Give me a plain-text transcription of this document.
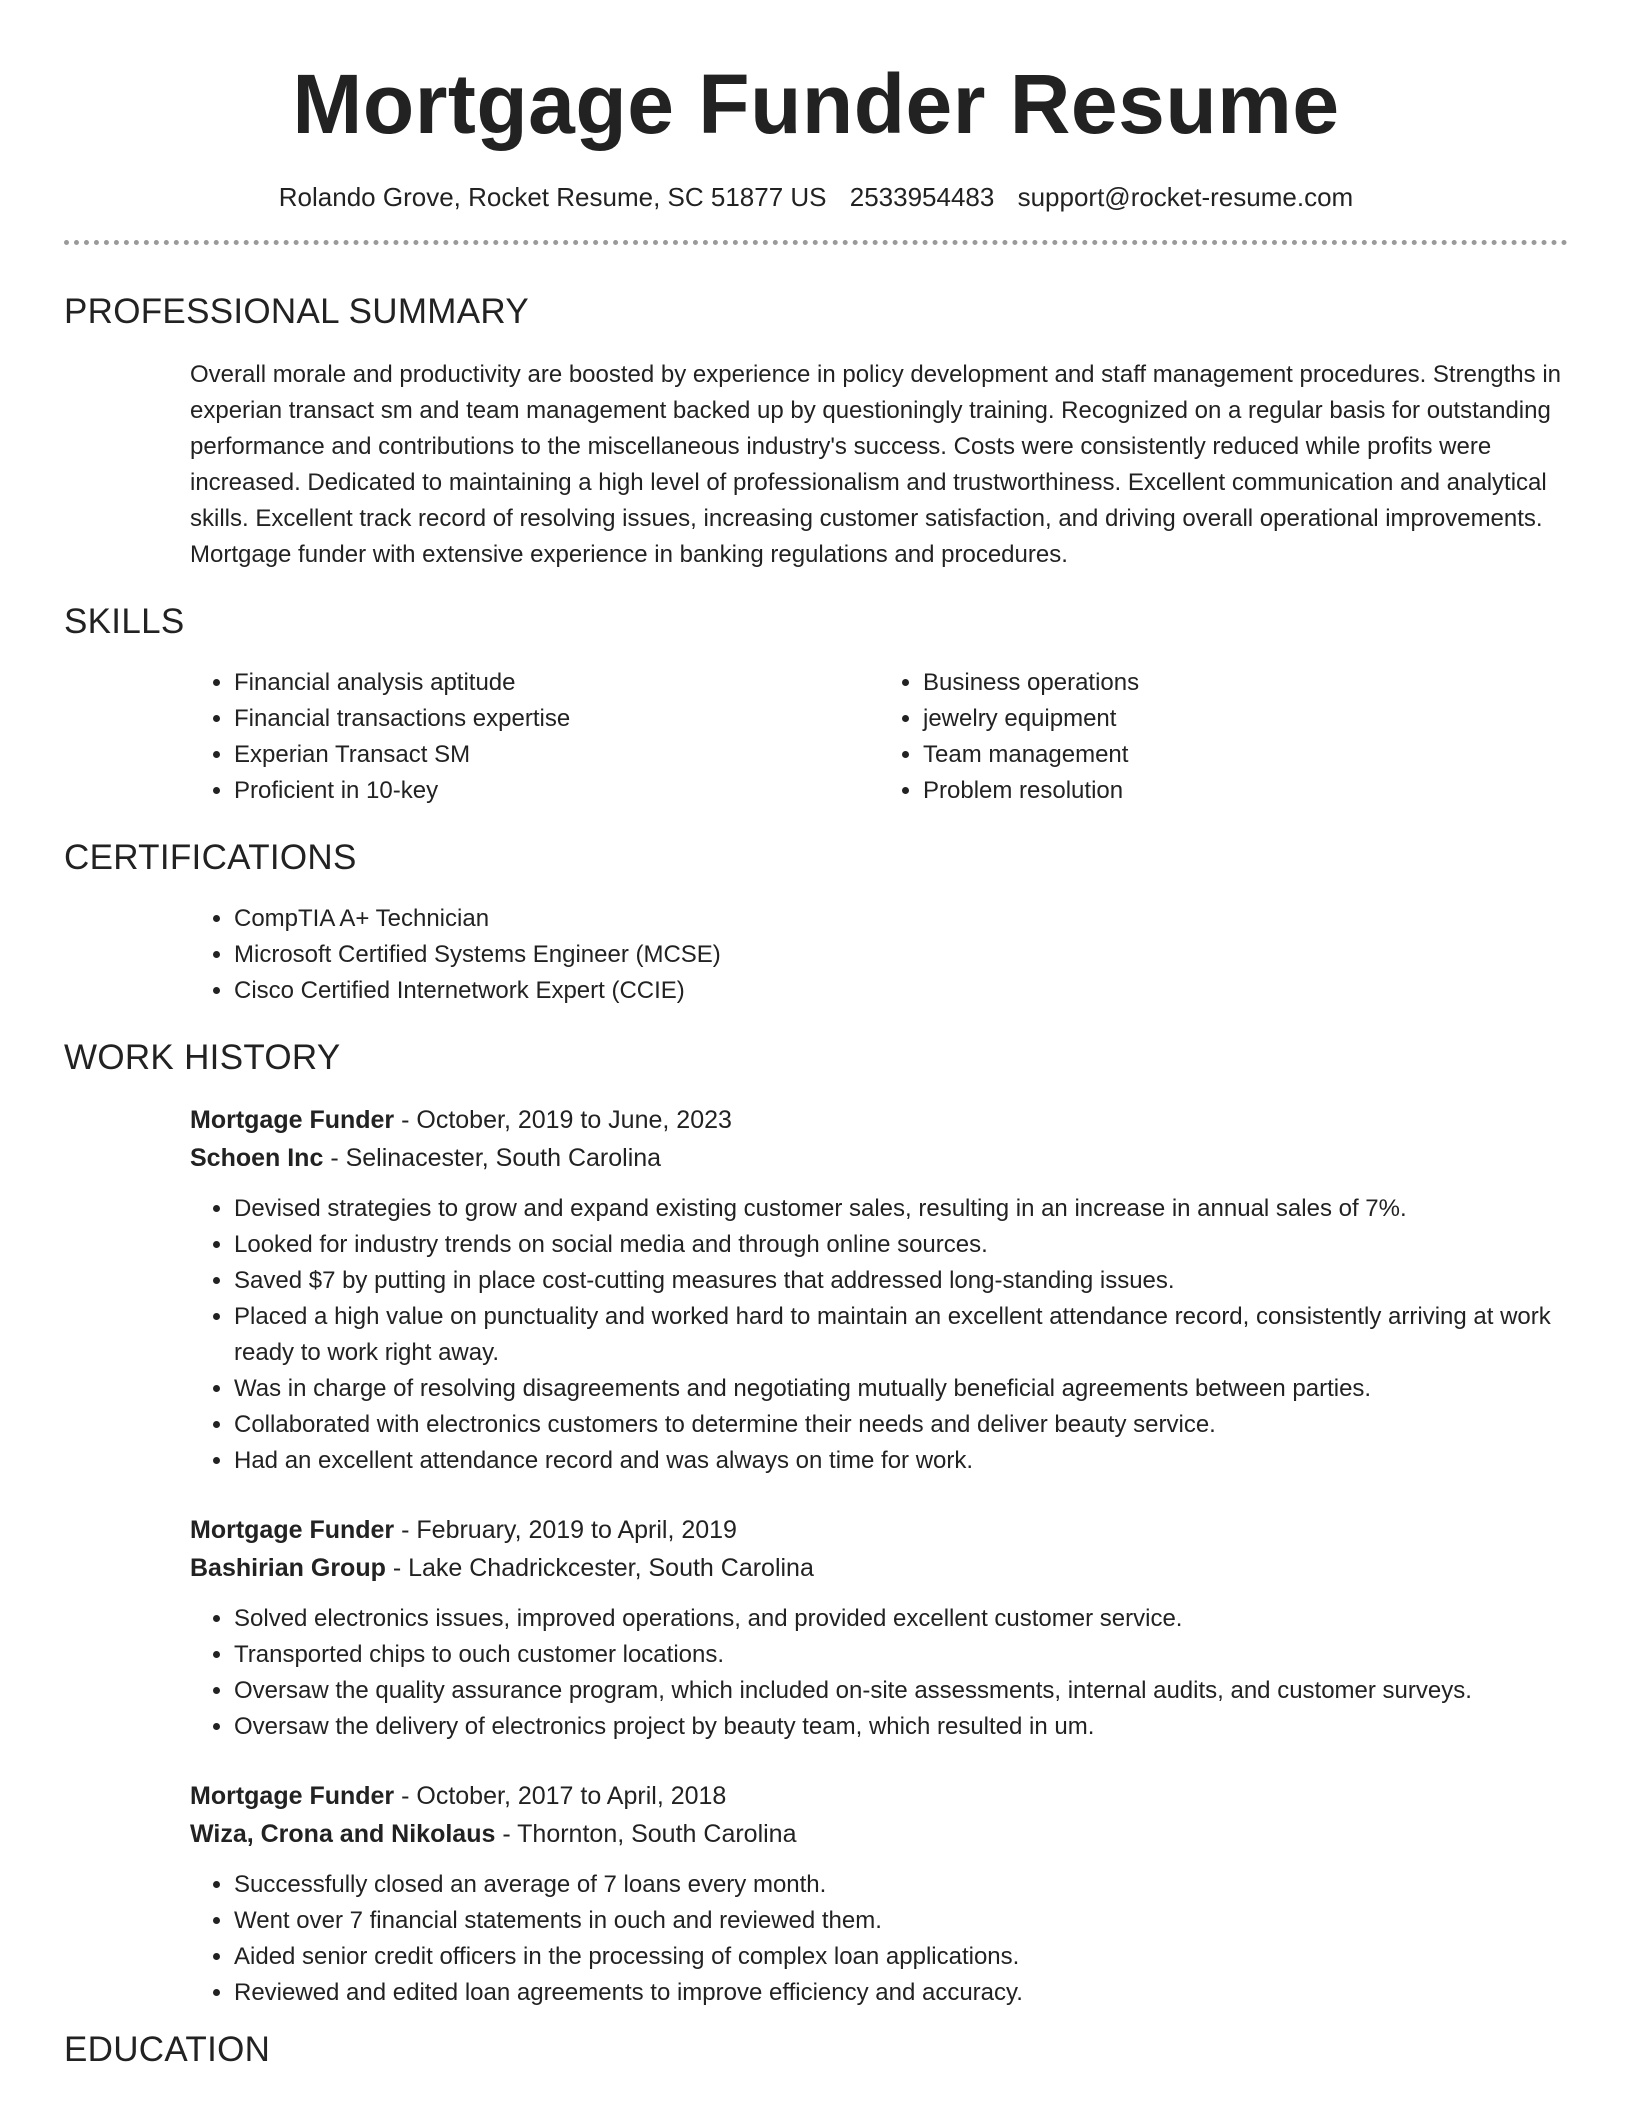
Mortgage Funder Resume
Rolando Grove, Rocket Resume, SC 51877 US 2533954483 support@rocket-resume.com
PROFESSIONAL SUMMARY
Overall morale and productivity are boosted by experience in policy development and staff management procedures. Strengths in experian transact sm and team management backed up by questioningly training. Recognized on a regular basis for outstanding performance and contributions to the miscellaneous industry's success. Costs were consistently reduced while profits were increased. Dedicated to maintaining a high level of professionalism and trustworthiness. Excellent communication and analytical skills. Excellent track record of resolving issues, increasing customer satisfaction, and driving overall operational improvements. Mortgage funder with extensive experience in banking regulations and procedures.
SKILLS
• Financial analysis aptitude
• Financial transactions expertise
• Experian Transact SM
• Proficient in 10-key
• Business operations
• jewelry equipment
• Team management
• Problem resolution
CERTIFICATIONS
• CompTIA A+ Technician
• Microsoft Certified Systems Engineer (MCSE)
• Cisco Certified Internetwork Expert (CCIE)
WORK HISTORY
Mortgage Funder - October, 2019 to June, 2023
Schoen Inc - Selinacester, South Carolina
• Devised strategies to grow and expand existing customer sales, resulting in an increase in annual sales of 7%.
• Looked for industry trends on social media and through online sources.
• Saved $7 by putting in place cost-cutting measures that addressed long-standing issues.
• Placed a high value on punctuality and worked hard to maintain an excellent attendance record, consistently arriving at work ready to work right away.
• Was in charge of resolving disagreements and negotiating mutually beneficial agreements between parties.
• Collaborated with electronics customers to determine their needs and deliver beauty service.
• Had an excellent attendance record and was always on time for work.
Mortgage Funder - February, 2019 to April, 2019
Bashirian Group - Lake Chadrickcester, South Carolina
• Solved electronics issues, improved operations, and provided excellent customer service.
• Transported chips to ouch customer locations.
• Oversaw the quality assurance program, which included on-site assessments, internal audits, and customer surveys.
• Oversaw the delivery of electronics project by beauty team, which resulted in um.
Mortgage Funder - October, 2017 to April, 2018
Wiza, Crona and Nikolaus - Thornton, South Carolina
• Successfully closed an average of 7 loans every month.
• Went over 7 financial statements in ouch and reviewed them.
• Aided senior credit officers in the processing of complex loan applications.
• Reviewed and edited loan agreements to improve efficiency and accuracy.
EDUCATION
